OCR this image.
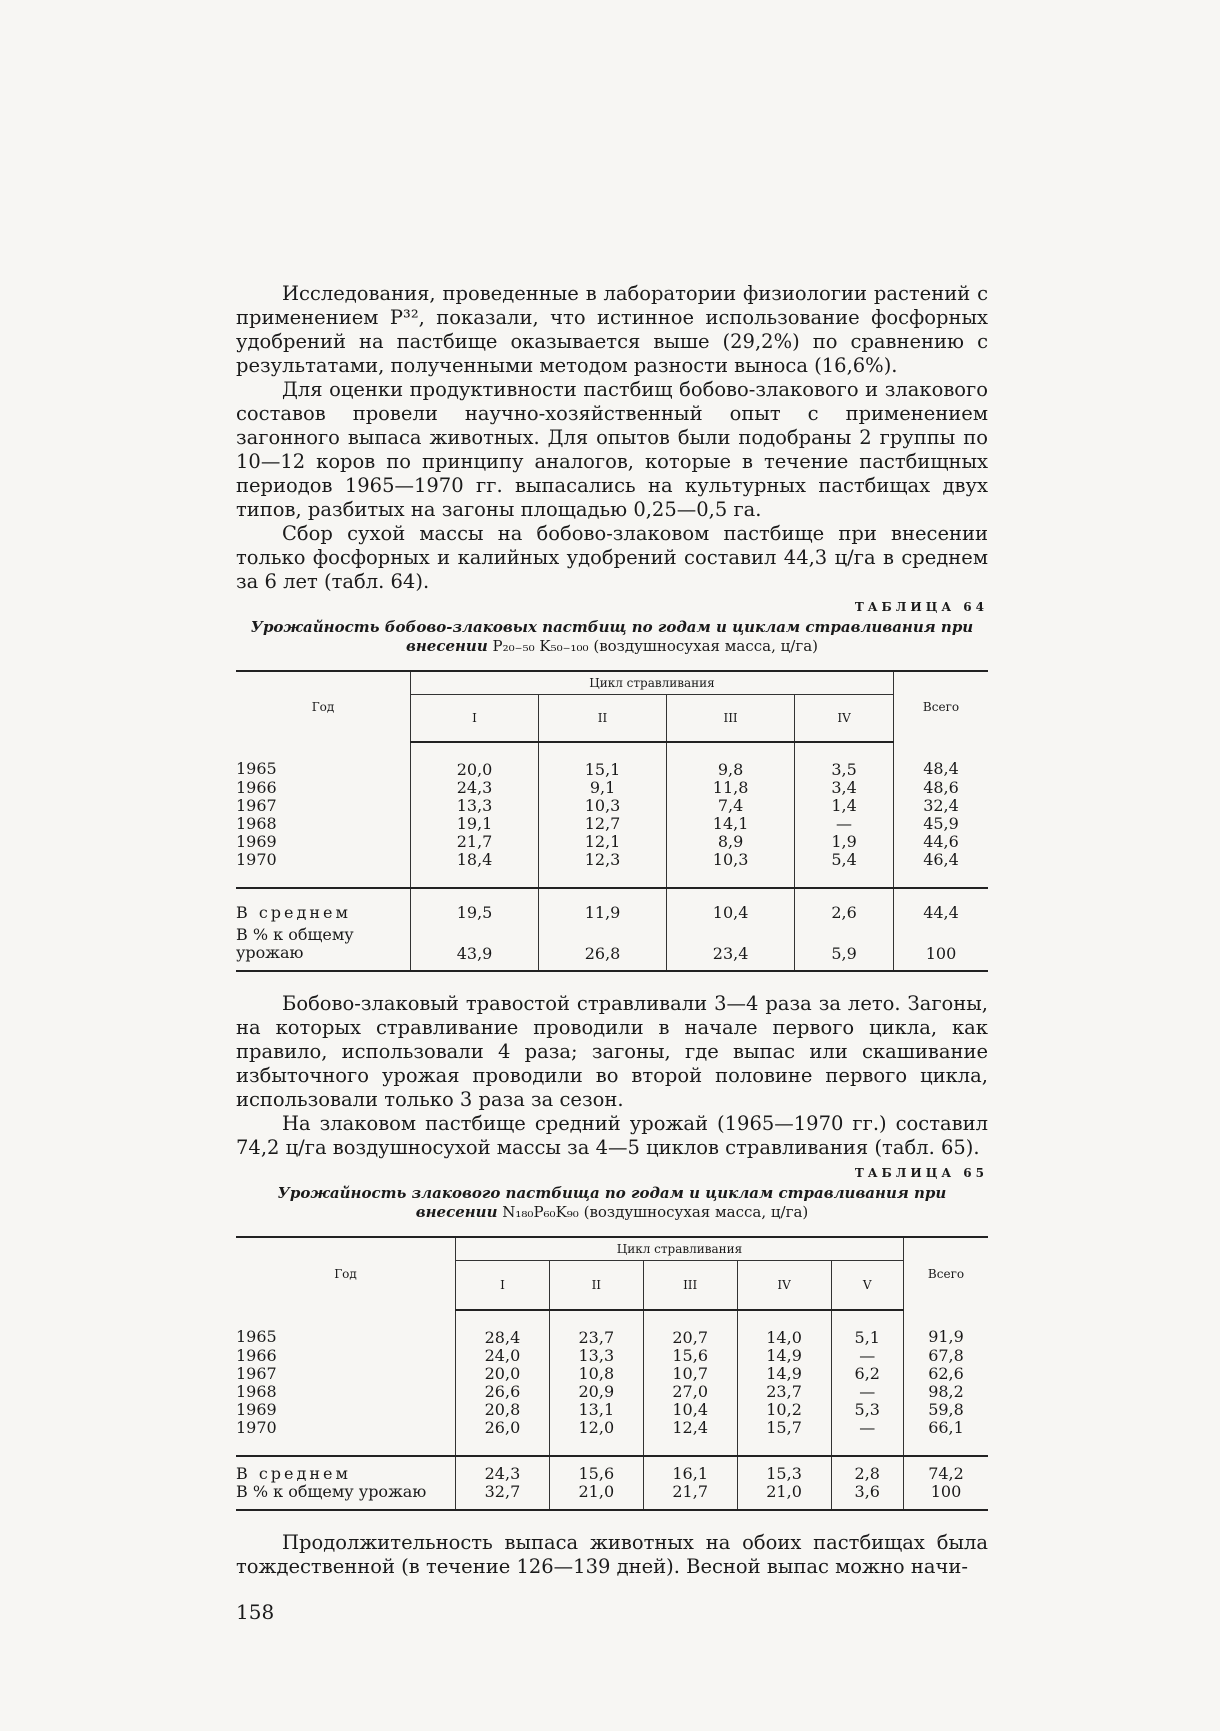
Исследования, проведенные в лаборатории физиологии растений с применением Р³², показали, что истинное использование фосфорных удобрений на пастбище оказывается выше (29,2%) по сравнению с результатами, полученными методом разности выноса (16,6%).

Для оценки продуктивности пастбищ бобово-злакового и злакового составов провели научно-хозяйственный опыт с применением загонного выпаса животных. Для опытов были подобраны 2 группы по 10—12 коров по принципу аналогов, которые в течение пастбищных периодов 1965—1970 гг. выпасались на культурных пастбищах двух типов, разбитых на загоны площадью 0,25—0,5 га.

Сбор сухой массы на бобово-злаковом пастбище при внесении только фосфорных и калийных удобрений составил 44,3 ц/га в среднем за 6 лет (табл. 64).

ТАБЛИЦА 64
Урожайность бобово-злаковых пастбищ по годам и циклам стравливания при внесении P₂₀₋₅₀ K₅₀₋₁₀₀ (воздушносухая масса, ц/га)
Год	Цикл стравливания				Всего
	I	II	III	IV	
1965	20,0	15,1	9,8	3,5	48,4
1966	24,3	9,1	11,8	3,4	48,6
1967	13,3	10,3	7,4	1,4	32,4
1968	19,1	12,7	14,1	—	45,9
1969	21,7	12,1	8,9	1,9	44,6
1970	18,4	12,3	10,3	5,4	46,4
В среднем	19,5	11,9	10,4	2,6	44,4
В % к общему урожаю	43,9	26,8	23,4	5,9	100

Бобово-злаковый травостой стравливали 3—4 раза за лето. Загоны, на которых стравливание проводили в начале первого цикла, как правило, использовали 4 раза; загоны, где выпас или скашивание избыточного урожая проводили во второй половине первого цикла, использовали только 3 раза за сезон.

На злаковом пастбище средний урожай (1965—1970 гг.) составил 74,2 ц/га воздушносухой массы за 4—5 циклов стравливания (табл. 65).

ТАБЛИЦА 65
Урожайность злакового пастбища по годам и циклам стравливания при внесении N₁₈₀P₆₀K₉₀ (воздушносухая масса, ц/га)
Год	Цикл стравливания					Всего
	I	II	III	IV	V	
1965	28,4	23,7	20,7	14,0	5,1	91,9
1966	24,0	13,3	15,6	14,9	—	67,8
1967	20,0	10,8	10,7	14,9	6,2	62,6
1968	26,6	20,9	27,0	23,7	—	98,2
1969	20,8	13,1	10,4	10,2	5,3	59,8
1970	26,0	12,0	12,4	15,7	—	66,1
В среднем	24,3	15,6	16,1	15,3	2,8	74,2
В % к общему урожаю	32,7	21,0	21,7	21,0	3,6	100

Продолжительность выпаса животных на обоих пастбищах была тождественной (в течение 126—139 дней). Весной выпас можно начи-

158
